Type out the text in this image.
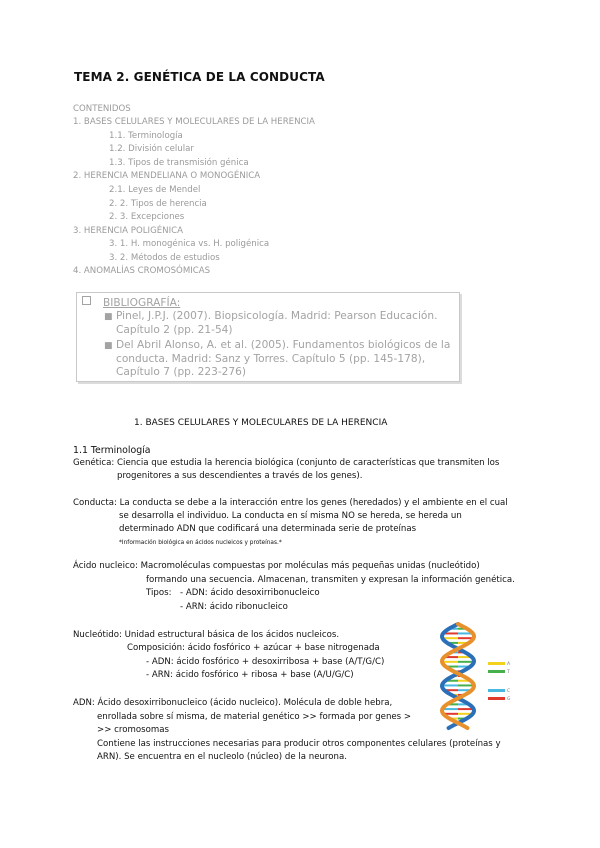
TEMA 2. GENÉTICA DE LA CONDUCTA
CONTENIDOS
1. BASES CELULARES Y MOLECULARES DE LA HERENCIA
1.1. Terminología
1.2. División celular
1.3. Tipos de transmisión génica
2. HERENCIA MENDELIANA O MONOGÉNICA
2.1. Leyes de Mendel
2. 2. Tipos de herencia
2. 3. Excepciones
3. HERENCIA POLIGÉNICA
3. 1. H. monogénica vs. H. poligénica
3. 2. Métodos de estudios
4. ANOMALÍAS CROMOSÓMICAS
BIBLIOGRAFÍA:
■ Pinel, J.P.J. (2007). Biopsicología. Madrid: Pearson Educación. Capítulo 2 (pp. 21-54)
■ Del Abril Alonso, A. et al. (2005). Fundamentos biológicos de la conducta. Madrid: Sanz y Torres. Capítulo 5 (pp. 145-178), Capítulo 7 (pp. 223-276)
1. BASES CELULARES Y MOLECULARES DE LA HERENCIA
1.1 Terminología
Genética: Ciencia que estudia la herencia biológica (conjunto de características que transmiten los
progenitores a sus descendientes a través de los genes).
Conducta: La conducta se debe a la interacción entre los genes (heredados) y el ambiente en el cual
se desarrolla el individuo. La conducta en sí misma NO se hereda, se hereda un
determinado ADN que codificará una determinada serie de proteínas
*Información biológica en ácidos nucleicos y proteínas.*
Ácido nucleico: Macromoléculas compuestas por moléculas más pequeñas unidas (nucleótido)
formando una secuencia. Almacenan, transmiten y expresan la información genética.
Tipos: - ADN: ácido desoxirribonucleico
- ARN: ácido ribonucleico
Nucleótido: Unidad estructural básica de los ácidos nucleicos.
Composición: ácido fosfórico + azúcar + base nitrogenada
- ADN: ácido fosfórico + desoxirribosa + base (A/T/G/C)
- ARN: ácido fosfórico + ribosa + base (A/U/G/C)
ADN: Ácido desoxirribonucleico (ácido nucleico). Molécula de doble hebra,
enrollada sobre sí misma, de material genético >> formada por genes >
>> cromosomas
Contiene las instrucciones necesarias para producir otros componentes celulares (proteínas y
ARN). Se encuentra en el nucleolo (núcleo) de la neurona.
A
T
C
G
